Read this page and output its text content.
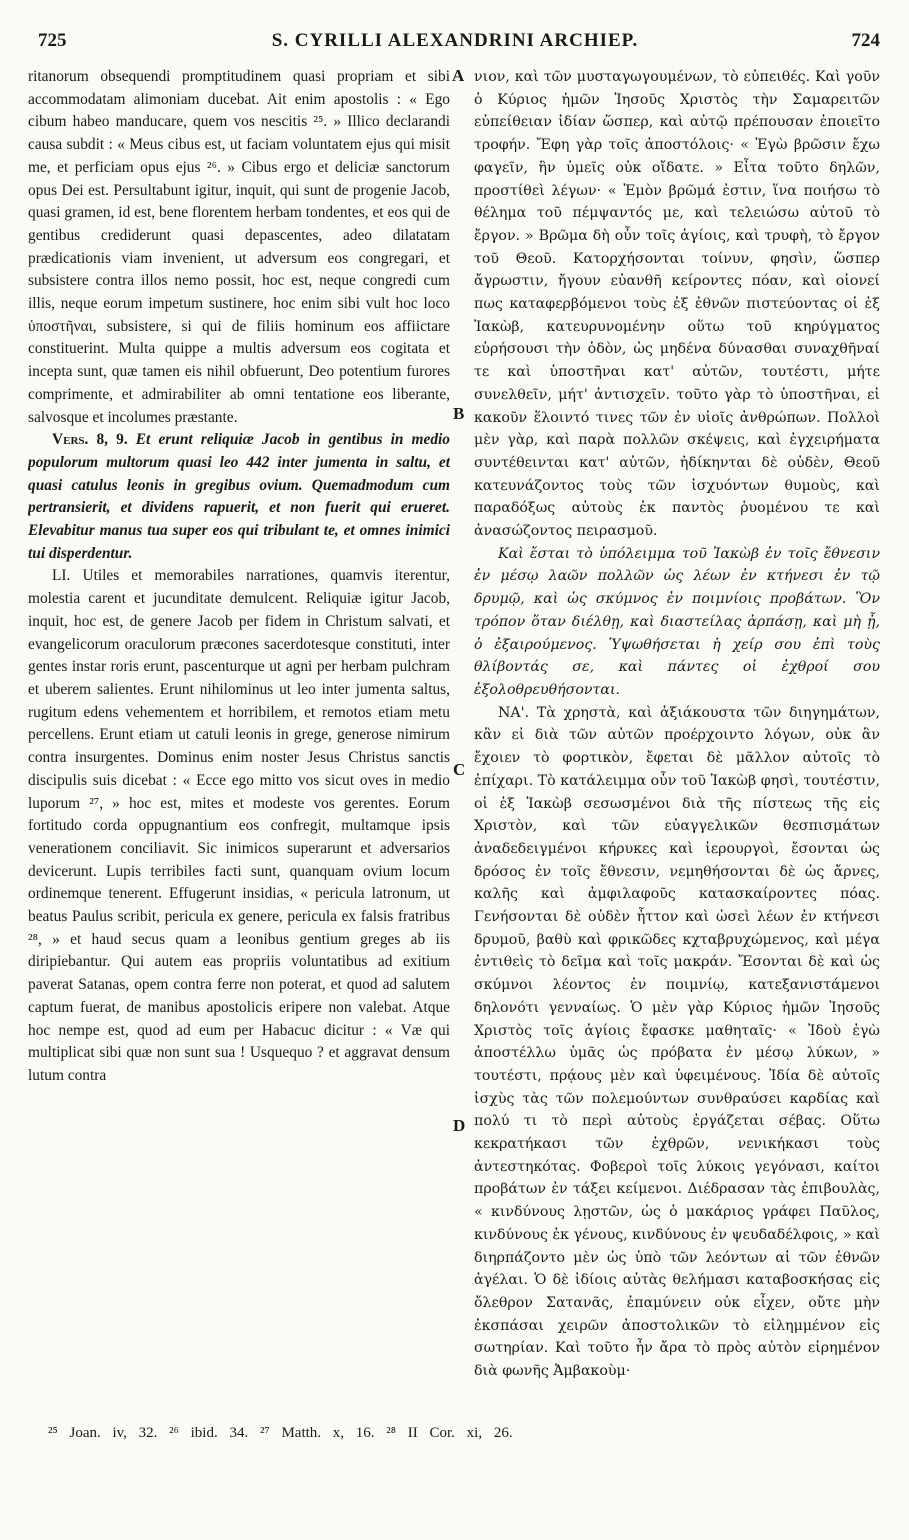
725	S. CYRILLI ALEXANDRINI ARCHIEP.	724

ritanorum obsequendi promptitudinem quasi propriam et sibi accommodatam alimoniam ducebat. Ait enim apostolis : « Ego cibum habeo manducare, quem vos nescitis ²⁵. » Illico declarandi causa subdit : « Meus cibus est, ut faciam voluntatem ejus qui misit me, et perficiam opus ejus ²⁶. » Cibus ergo et deliciæ sanctorum opus Dei est. Persultabunt igitur, inquit, qui sunt de progenie Jacob, quasi gramen, id est, bene florentem herbam tondentes, et eos qui de gentibus crediderunt quasi depascentes, adeo dilatatam prædicationis viam invenient, ut adversum eos congregari, et subsistere contra illos nemo possit, hoc est, neque congredi cum illis, neque eorum impetum sustinere, hoc enim sibi vult hoc loco ὑποστῆναι, subsistere, si qui de filiis hominum eos affiictare constituerint. Multa quippe a multis adversum eos cogitata et incepta sunt, quæ tamen eis nihil obfuerunt, Deo potentium furores comprimente, et admirabiliter ab omni tentatione eos liberante, salvosque et incolumes præstante.

Vers. 8, 9. Et erunt reliquiæ Jacob in gentibus in medio populorum multorum quasi leo 442 inter jumenta in saltu, et quasi catulus leonis in gregibus ovium. Quemadmodum cum pertransierit, et dividens rapuerit, et non fuerit qui erueret. Elevabitur manus tua super eos qui tribulant te, et omnes inimici tui disperdentur.

LI. Utiles et memorabiles narrationes, quamvis iterentur, molestia carent et jucunditate demulcent. Reliquiæ igitur Jacob, inquit, hoc est, de genere Jacob per fidem in Christum salvati, et evangelicorum oraculorum præcones sacerdotesque constituti, inter gentes instar roris erunt, pascenturque ut agni per herbam pulchram et uberem salientes. Erunt nihilominus ut leo inter jumenta saltus, rugitum edens vehementem et horribilem, et remotos etiam metu percellens. Erunt etiam ut catuli leonis in grege, generose nimirum contra insurgentes. Dominus enim noster Jesus Christus sanctis discipulis suis dicebat : « Ecce ego mitto vos sicut oves in medio luporum ²⁷, » hoc est, mites et modeste vos gerentes. Eorum fortitudo corda oppugnantium eos confregit, multamque ipsis venerationem conciliavit. Sic inimicos superarunt et adversarios devicerunt. Lupis terribiles facti sunt, quanquam ovium locum ordinemque tenerent. Effugerunt insidias, « pericula latronum, ut beatus Paulus scribit, pericula ex genere, pericula ex falsis fratribus ²⁸, » et haud secus quam a leonibus gentium greges ab iis diripiebantur. Qui autem eas propriis voluntatibus ad exitium paverat Satanas, opem contra ferre non poterat, et quod ad salutem captum fuerat, de manibus apostolicis eripere non valebat. Atque hoc nempe est, quod ad eum per Habacuc dicitur : « Væ qui multiplicat sibi quæ non sunt sua ! Usquequo ? et aggravat densum lutum contra

A
B
C
D

νιον, καὶ τῶν μυσταγωγουμένων, τὸ εὐπειθές. Καὶ γοῦν ὁ Κύριος ἡμῶν Ἰησοῦς Χριστὸς τὴν Σαμαρειτῶν εὐπείθειαν ἰδίαν ὥσπερ, καὶ αὐτῷ πρέπουσαν ἐποιεῖτο τροφήν. Ἔφη γὰρ τοῖς ἀποστόλοις· « Ἐγὼ βρῶσιν ἔχω φαγεῖν, ἣν ὑμεῖς οὐκ οἴδατε. » Εἶτα τοῦτο δηλῶν, προστίθεὶ λέγων· « Ἐμὸν βρῶμά ἐστιν, ἵνα ποιήσω τὸ θέλημα τοῦ πέμψαντός με, καὶ τελειώσω αὐτοῦ τὸ ἔργον. » Βρῶμα δὴ οὖν τοῖς ἁγίοις, καὶ τρυφὴ, τὸ ἔργον τοῦ Θεοῦ. Κατορχήσονται τοίνυν, φησὶν, ὥσπερ ἄγρωστιν, ἤγουν εὐανθῆ κείροντες πόαν, καὶ οἱονεί πως καταφερβόμενοι τοὺς ἐξ ἐθνῶν πιστεύοντας οἱ ἐξ Ἰακὼβ, κατευρυνομένην οὕτω τοῦ κηρύγματος εὑρήσουσι τὴν ὁδὸν, ὡς μηδένα δύνασθαι συναχθῆναί τε καὶ ὑποστῆναι κατ' αὐτῶν, τουτέστι, μήτε συνελθεῖν, μήτ' ἀντισχεῖν. τοῦτο γὰρ τὸ ὑποστῆναι, εἰ κακοῦν ἕλοιντό τινες τῶν ἐν υἱοῖς ἀνθρώπων. Πολλοὶ μὲν γὰρ, καὶ παρὰ πολλῶν σκέψεις, καὶ ἐγχειρήματα συντέθεινται κατ' αὐτῶν, ἠδίκηνται δὲ οὐδὲν, Θεοῦ κατευνάζοντος τοὺς τῶν ἰσχυόντων θυμοὺς, καὶ παραδόξως αὐτοὺς ἐκ παντὸς ῥυομένου τε καὶ ἀνασώζοντος πειρασμοῦ.

Καὶ ἔσται τὸ ὑπόλειμμα τοῦ Ἰακὼβ ἐν τοῖς ἔθνεσιν ἐν μέσῳ λαῶν πολλῶν ὡς λέων ἐν κτήνεσι ἐν τῷ δρυμῷ, καὶ ὡς σκύμνος ἐν ποιμνίοις προβάτων. Ὃν τρόπον ὅταν διέλθῃ, καὶ διαστείλας ἁρπάσῃ, καὶ μὴ ᾖ, ὁ ἐξαιρούμενος. Ὑψωθήσεται ἡ χείρ σου ἐπὶ τοὺς θλίβοντάς σε, καὶ πάντες οἱ ἐχθροί σου ἐξολοθρευθήσονται.

ΝΑ'. Τὰ χρηστὰ, καὶ ἀξιάκουστα τῶν διηγημάτων, κἂν εἰ διὰ τῶν αὐτῶν προέρχοιντο λόγων, οὐκ ἂν ἔχοιεν τὸ φορτικὸν, ἔφεται δὲ μᾶλλον αὐτοῖς τὸ ἐπίχαρι. Τὸ κατάλειμμα οὖν τοῦ Ἰακὼβ φησὶ, τουτέστιν, οἱ ἐξ Ἰακὼβ σεσωσμένοι διὰ τῆς πίστεως τῆς εἰς Χριστὸν, καὶ τῶν εὐαγγελικῶν θεσπισμάτων ἀναδεδειγμένοι κήρυκες καὶ ἱερουργοὶ, ἔσονται ὡς δρόσος ἐν τοῖς ἔθνεσιν, νεμηθήσονται δὲ ὡς ἄρνες, καλῆς καὶ ἀμφιλαφοῦς κατασκαίροντες πόας. Γενήσονται δὲ οὐδὲν ἧττον καὶ ὡσεὶ λέων ἐν κτήνεσι δρυμοῦ, βαθὺ καὶ φρικῶδες κχταβρυχώμενος, καὶ μέγα ἐντιθεὶς τὸ δεῖμα καὶ τοῖς μακράν. Ἔσονται δὲ καὶ ὡς σκύμνοι λέοντος ἐν ποιμνίῳ, κατεξανιστάμενοι δηλονότι γενναίως. Ὁ μὲν γὰρ Κύριος ἡμῶν Ἰησοῦς Χριστὸς τοῖς ἁγίοις ἔφασκε μαθηταῖς· « Ἰδοὺ ἐγὼ ἀποστέλλω ὑμᾶς ὡς πρόβατα ἐν μέσῳ λύκων, » τουτέστι, πρᾴους μὲν καὶ ὑφειμένους. Ἰδία δὲ αὐτοῖς ἰσχὺς τὰς τῶν πολεμούντων συνθραύσει καρδίας καὶ πολύ τι τὸ περὶ αὐτοὺς ἐργάζεται σέβας. Οὕτω κεκρατήκασι τῶν ἐχθρῶν, νενικήκασι τοὺς ἀντεστηκότας. Φοβεροὶ τοῖς λύκοις γεγόνασι, καίτοι προβάτων ἐν τάξει κείμενοι. Διέδρασαν τὰς ἐπιβουλὰς, « κινδύνους λῃστῶν, ὡς ὁ μακάριος γράφει Παῦλος, κινδύνους ἐκ γένους, κινδύνους ἐν ψευδαδέλφοις, » καὶ διηρπάζοντο μὲν ὡς ὑπὸ τῶν λεόντων αἱ τῶν ἐθνῶν ἀγέλαι. Ὁ δὲ ἰδίοις αὐτὰς θελήμασι καταβοσκήσας εἰς ὄλεθρον Σατανᾶς, ἐπαμύνειν οὐκ εἶχεν, οὔτε μὴν ἐκσπάσαι χειρῶν ἀποστολικῶν τὸ εἰλημμένον εἰς σωτηρίαν. Καὶ τοῦτο ἦν ἄρα τὸ πρὸς αὐτὸν εἰρημένον διὰ φωνῆς Ἀμβακοὺμ·

²⁵ Joan. iv, 32. ²⁶ ibid. 34. ²⁷ Matth. x, 16. ²⁸ II Cor. xi, 26.
